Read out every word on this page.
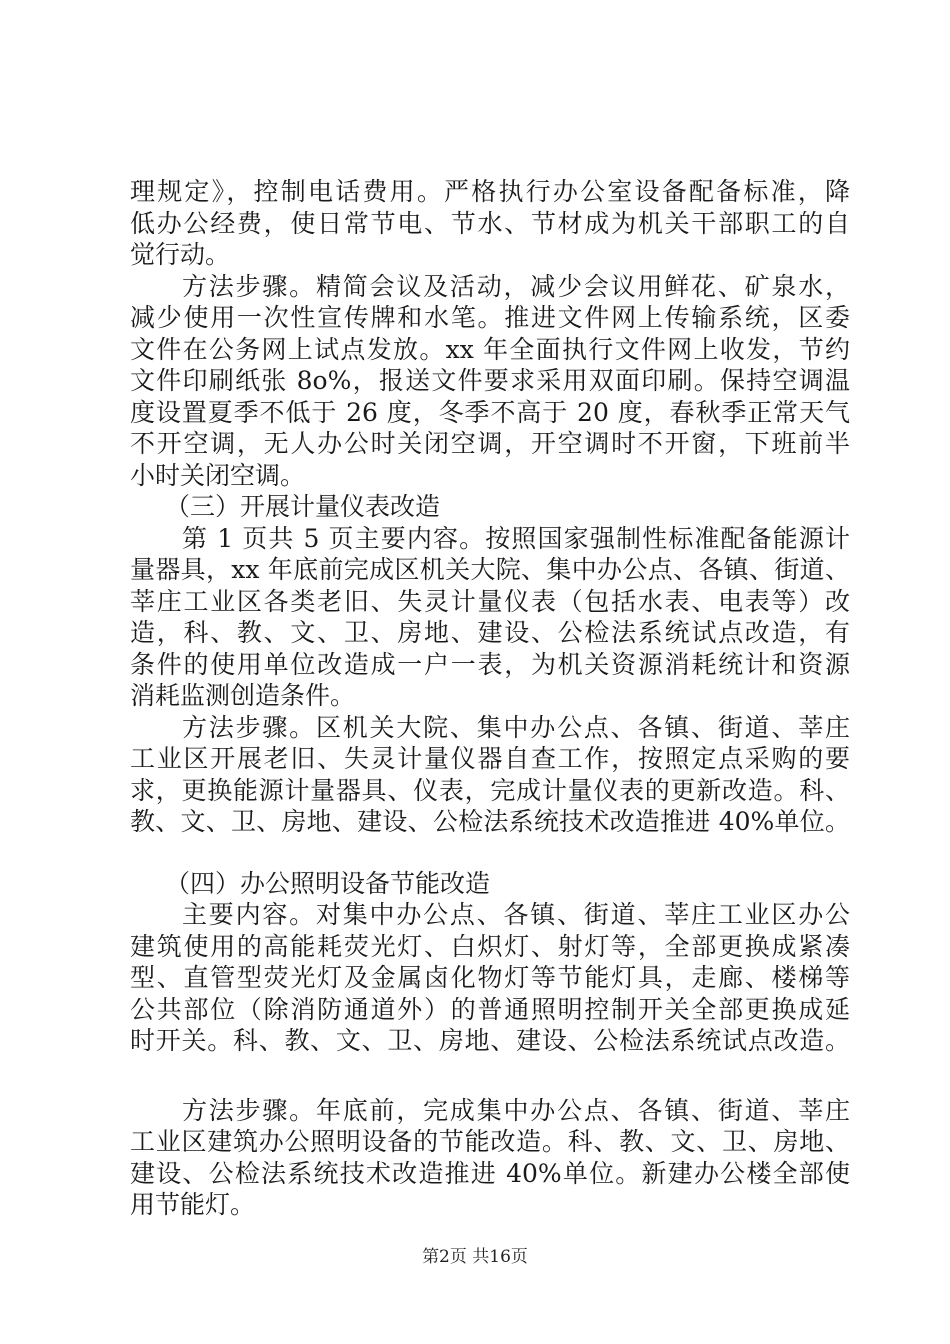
理规定》，控制电话费用。严格执行办公室设备配备标准，降
低办公经费，使日常节电、节水、节材成为机关干部职工的自
觉行动。
方法步骤。精简会议及活动，减少会议用鲜花、矿泉水，
减少使用一次性宣传牌和水笔。推进文件网上传输系统，区委
文件在公务网上试点发放。xx 年全面执行文件网上收发，节约
文件印刷纸张 8o%，报送文件要求采用双面印刷。保持空调温
度设置夏季不低于 26 度，冬季不高于 20 度，春秋季正常天气
不开空调，无人办公时关闭空调，开空调时不开窗，下班前半
小时关闭空调。
（三）开展计量仪表改造
第 1 页共 5 页主要内容。按照国家强制性标准配备能源计
量器具，xx 年底前完成区机关大院、集中办公点、各镇、街道、
莘庄工业区各类老旧、失灵计量仪表（包括水表、电表等）改
造，科、教、文、卫、房地、建设、公检法系统试点改造，有
条件的使用单位改造成一户一表，为机关资源消耗统计和资源
消耗监测创造条件。
方法步骤。区机关大院、集中办公点、各镇、街道、莘庄
工业区开展老旧、失灵计量仪器自查工作，按照定点采购的要
求，更换能源计量器具、仪表，完成计量仪表的更新改造。科、
教、文、卫、房地、建设、公检法系统技术改造推进 40%单位。
（四）办公照明设备节能改造
主要内容。对集中办公点、各镇、街道、莘庄工业区办公
建筑使用的高能耗荧光灯、白炽灯、射灯等，全部更换成紧凑
型、直管型荧光灯及金属卤化物灯等节能灯具，走廊、楼梯等
公共部位（除消防通道外）的普通照明控制开关全部更换成延
时开关。科、教、文、卫、房地、建设、公检法系统试点改造。
方法步骤。年底前，完成集中办公点、各镇、街道、莘庄
工业区建筑办公照明设备的节能改造。科、教、文、卫、房地、
建设、公检法系统技术改造推进 40%单位。新建办公楼全部使
用节能灯。
第2页 共16页
